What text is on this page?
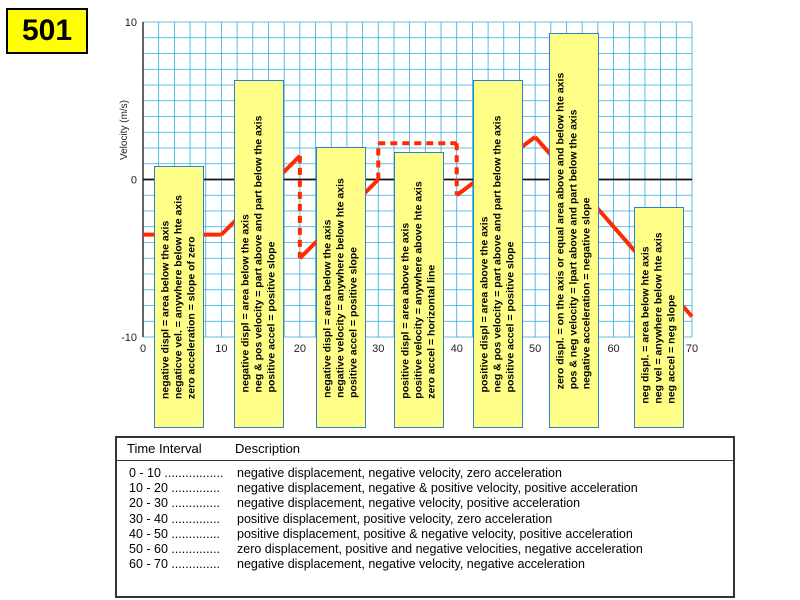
501
0	10	20	30	40	50	60	70
10
0
-10
Velocity (m/s)
negative displ = area below the axis negaticve vel. = anywhere below hte axis zero acceleration = slope of zero	negative displ = area below the axis neg & pos velocity = part above and part below the axis positive accel = positive slope	negative displ = area below the axis negative velocity = anywhere below hte axis positive accel = positive slope	positive displ = area above the axis positive velocity = anywhere above hte axis zero accel = horizontal line	positive displ = area above the axis neg & pos velocity = part above and part below the axis positive accel = positive slope	zero displ. = on the axis or equal area above and below hte axis pos & neg velocity = lpart above and part below the axis negative acceleration = negative slope	neg displ. = area below hte axis neg vel = anywhere below hte axis neg accel = neg slope
Time Interval	Description
0 - 10 ................. negative displacement, negative velocity, zero acceleration
10 - 20 .............. negative displacement, negative & positive velocity, positive acceleration
20 - 30 .............. negative displacement, negative velocity, positive acceleration
30 - 40 .............. positive displacement, positive velocity, zero acceleration
40 - 50 .............. positive displacement, positive & negative velocity, positive acceleration
50 - 60 .............. zero displacement, positive and negative velocities, negative acceleration
60 - 70 .............. negative displacement, negative velocity, negative acceleration
